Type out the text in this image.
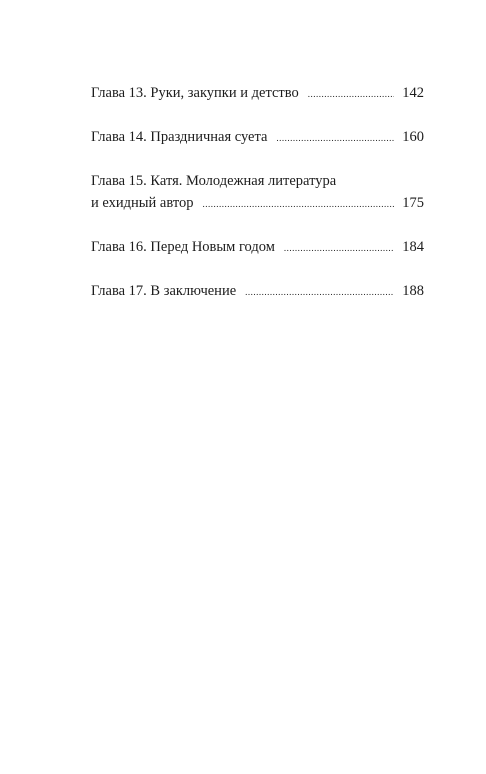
Глава 13. Руки, закупки и детство .....	142
Глава 14. Праздничная суета .....	160
Глава 15. Катя. Молодежная литература
и ехидный автор .....	175
Глава 16. Перед Новым годом .....	184
Глава 17. В заключение .....	188
